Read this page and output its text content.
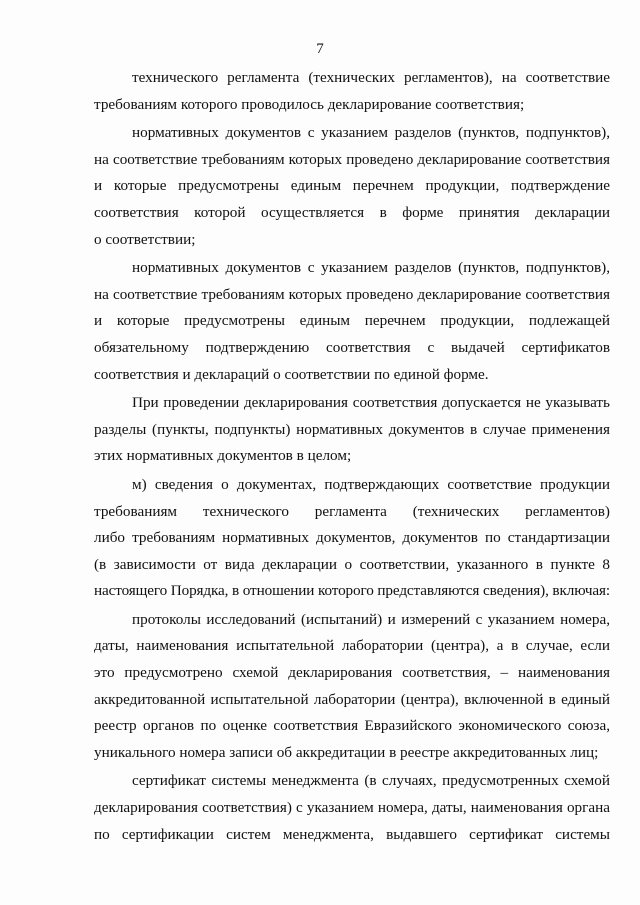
7
технического регламента (технических регламентов), на соответствие
требованиям которого проводилось декларирование соответствия;
нормативных документов с указанием разделов (пунктов, подпунктов),
на соответствие требованиям которых проведено декларирование соответствия
и которые предусмотрены единым перечнем продукции, подтверждение
соответствия которой осуществляется в форме принятия декларации
о соответствии;
нормативных документов с указанием разделов (пунктов, подпунктов),
на соответствие требованиям которых проведено декларирование соответствия
и которые предусмотрены единым перечнем продукции, подлежащей
обязательному подтверждению соответствия с выдачей сертификатов
соответствия и деклараций о соответствии по единой форме.
При проведении декларирования соответствия допускается не указывать
разделы (пункты, подпункты) нормативных документов в случае применения
этих нормативных документов в целом;
м) сведения о документах, подтверждающих соответствие продукции
требованиям технического регламента (технических регламентов)
либо требованиям нормативных документов, документов по стандартизации
(в зависимости от вида декларации о соответствии, указанного в пункте 8
настоящего Порядка, в отношении которого представляются сведения), включая:
протоколы исследований (испытаний) и измерений с указанием номера,
даты, наименования испытательной лаборатории (центра), а в случае, если
это предусмотрено схемой декларирования соответствия, – наименования
аккредитованной испытательной лаборатории (центра), включенной в единый
реестр органов по оценке соответствия Евразийского экономического союза,
уникального номера записи об аккредитации в реестре аккредитованных лиц;
сертификат системы менеджмента (в случаях, предусмотренных схемой
декларирования соответствия) с указанием номера, даты, наименования органа
по сертификации систем менеджмента, выдавшего сертификат системы
